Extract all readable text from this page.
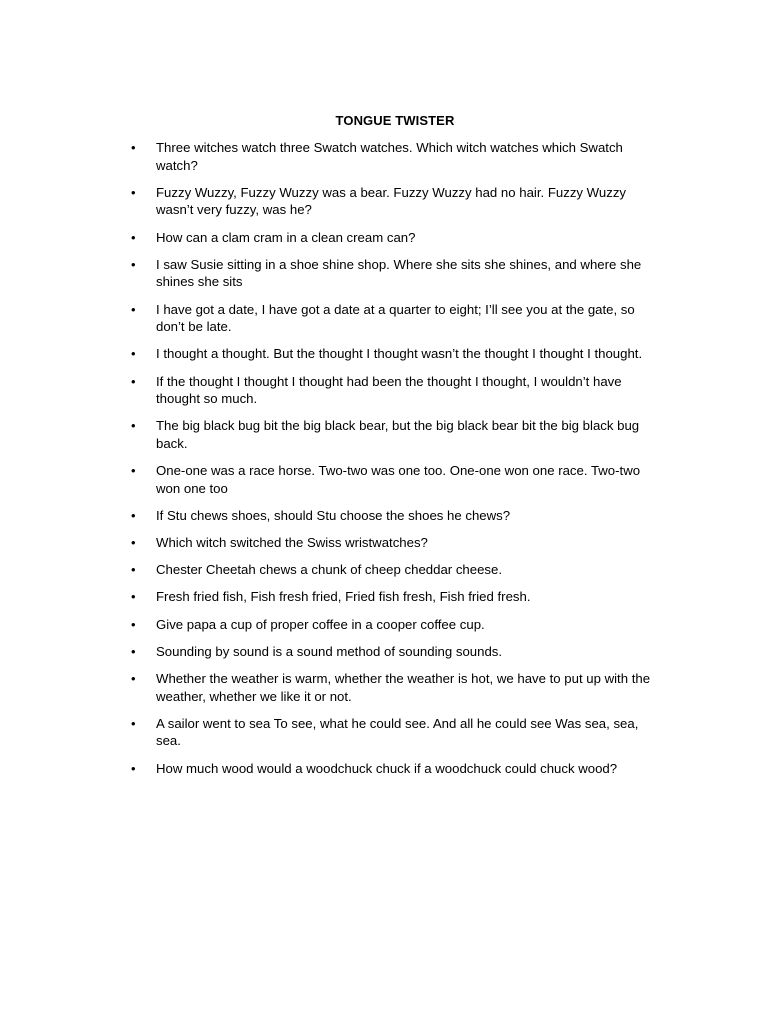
TONGUE TWISTER
• Three witches watch three Swatch watches. Which witch watches which Swatch watch?
• Fuzzy Wuzzy, Fuzzy Wuzzy was a bear. Fuzzy Wuzzy had no hair. Fuzzy Wuzzy wasn’t very fuzzy, was he?
• How can a clam cram in a clean cream can?
• I saw Susie sitting in a shoe shine shop. Where she sits she shines, and where she shines she sits
• I have got a date, I have got a date at a quarter to eight; I’ll see you at the gate, so don’t be late.
• I thought a thought. But the thought I thought wasn’t the thought I thought I thought.
• If the thought I thought I thought had been the thought I thought, I wouldn’t have thought so much.
• The big black bug bit the big black bear, but the big black bear bit the big black bug back.
• One-one was a race horse. Two-two was one too. One-one won one race. Two-two won one too
• If Stu chews shoes, should Stu choose the shoes he chews?
• Which witch switched the Swiss wristwatches?
• Chester Cheetah chews a chunk of cheep cheddar cheese.
• Fresh fried fish, Fish fresh fried, Fried fish fresh, Fish fried fresh.
• Give papa a cup of proper coffee in a cooper coffee cup.
• Sounding by sound is a sound method of sounding sounds.
• Whether the weather is warm, whether the weather is hot, we have to put up with the weather, whether we like it or not.
• A sailor went to sea To see, what he could see. And all he could see Was sea, sea, sea.
• How much wood would a woodchuck chuck if a woodchuck could chuck wood?
